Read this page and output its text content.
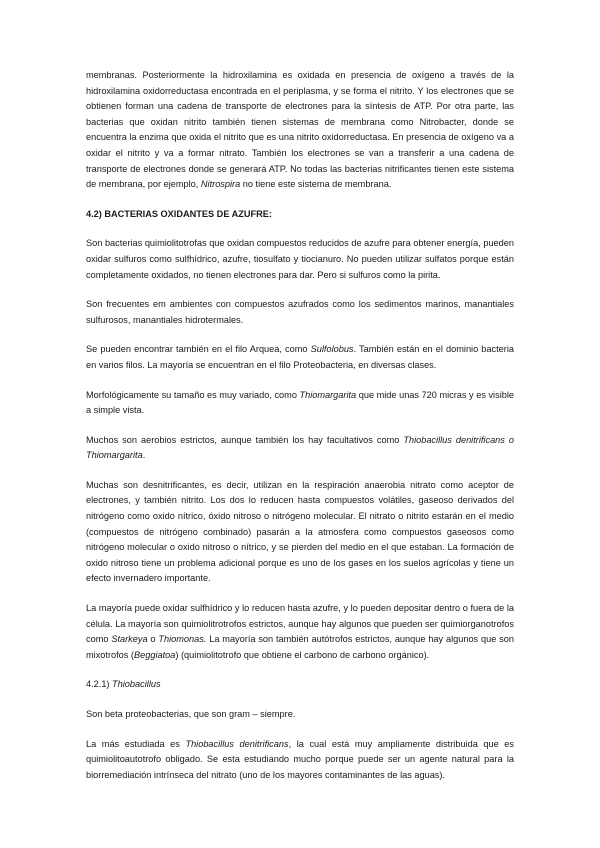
membranas. Posteriormente la hidroxilamina es oxidada en presencia de oxígeno a través de la hidroxilamina oxidorreductasa encontrada en el periplasma, y se forma el nitrito. Y los electrones que se obtienen forman una cadena de transporte de electrones para la síntesis de ATP. Por otra parte, las bacterias que oxidan nitrito también tienen sistemas de membrana como Nitrobacter, donde se encuentra la enzima que oxida el nitrito que es una nitrito oxidorreductasa. En presencia de oxígeno va a oxidar el nitrito y va a formar nitrato. También los electrones se van a transferir a una cadena de transporte de electrones donde se generará ATP. No todas las bacterias nitrificantes tienen este sistema de membrana, por ejemplo, Nitrospira no tiene este sistema de membrana.

4.2) BACTERIAS OXIDANTES DE AZUFRE:

Son bacterias quimiolitotrofas que oxidan compuestos reducidos de azufre para obtener energía, pueden oxidar sulfuros como sulfhídrico, azufre, tiosulfato y tiocianuro. No pueden utilizar sulfatos porque están completamente oxidados, no tienen electrones para dar. Pero si sulfuros como la pirita.

Son frecuentes em ambientes con compuestos azufrados como los sedimentos marinos, manantiales sulfurosos, manantiales hidrotermales.

Se pueden encontrar también en el filo Arquea, como Sulfolobus. También están en el dominio bacteria en varios filos. La mayoría se encuentran en el filo Proteobacteria, en diversas clases.

Morfológicamente su tamaño es muy variado, como Thiomargarita que mide unas 720 micras y es visible a simple vista.

Muchos son aerobios estrictos, aunque también los hay facultativos como Thiobacillus denitrificans o Thiomargarita.

Muchas son desnitrificantes, es decir, utilizan en la respiración anaerobia nitrato como aceptor de electrones, y también nitrito. Los dos lo reducen hasta compuestos volátiles, gaseoso derivados del nitrógeno como oxido nítrico, óxido nitroso o nitrógeno molecular. El nitrato o nitrito estarán en el medio (compuestos de nitrógeno combinado) pasarán a la atmosfera como compuestos gaseosos como nitrógeno molecular o oxido nitroso o nítrico, y se pierden del medio en el que estaban. La formación de oxido nitroso tiene un problema adicional porque es uno de los gases en los suelos agrícolas y tiene un efecto invernadero importante.

La mayoría puede oxidar sulfhídrico y lo reducen hasta azufre, y lo pueden depositar dentro o fuera de la célula. La mayoría son quimiolitrotrofos estrictos, aunque hay algunos que pueden ser quimiorganotrofos como Starkeya o Thiomonas. La mayoría son también autótrofos estrictos, aunque hay algunos que son mixotrofos (Beggiatoa) (quimiolitotrofo que obtiene el carbono de carbono orgánico).

4.2.1) Thiobacillus

Son beta proteobacterias, que son gram – siempre.

La más estudiada es Thiobacillus denitrificans, la cual está muy ampliamente distribuida que es quimiolitoautotrofo obligado. Se esta estudiando mucho porque puede ser un agente natural para la biorremediación intrínseca del nitrato (uno de los mayores contaminantes de las aguas).
